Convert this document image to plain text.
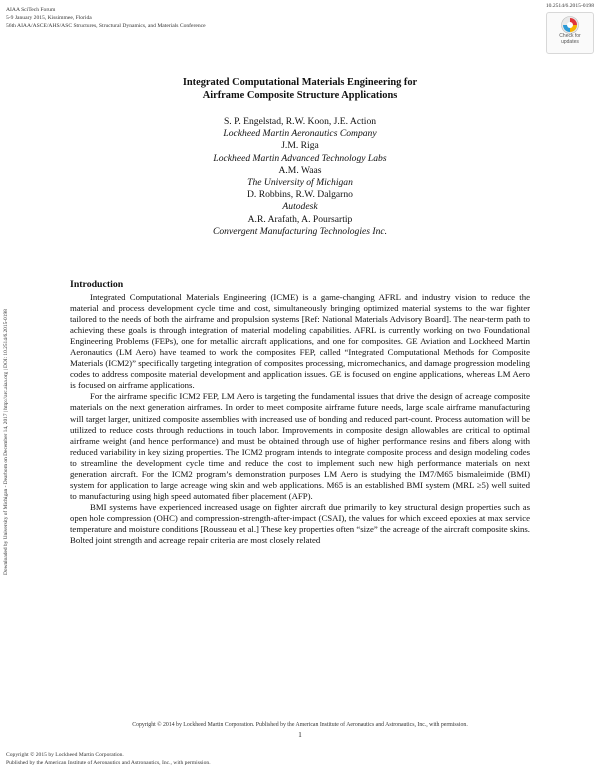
AIAA SciTech Forum
5-9 January 2015, Kissimmee, Florida
56th AIAA/ASCE/AHS/ASC Structures, Structural Dynamics, and Materials Conference
10.2514/6.2015-0198
Check for
updates
Downloaded by University of Michigan - Dearborn on December 14, 2017 | http://arc.aiaa.org | DOI: 10.2514/6.2015-0198
Integrated Computational Materials Engineering for
Airframe Composite Structure Applications
S. P. Engelstad, R.W. Koon, J.E. Action
Lockheed Martin Aeronautics Company
J.M. Riga
Lockheed Martin Advanced Technology Labs
A.M. Waas
The University of Michigan
D. Robbins, R.W. Dalgarno
Autodesk
A.R. Arafath, A. Poursartip
Convergent Manufacturing Technologies Inc.
Introduction

Integrated Computational Materials Engineering (ICME) is a game-changing AFRL and industry vision to reduce the material and process development cycle time and cost, simultaneously bringing optimized material systems to the war fighter tailored to the needs of both the airframe and propulsion systems [Ref: National Materials Advisory Board]. The near-term path to achieving these goals is through integration of material modeling capabilities. AFRL is currently working on two Foundational Engineering Problems (FEPs), one for metallic aircraft applications, and one for composites. GE Aviation and Lockheed Martin Aeronautics (LM Aero) have teamed to work the composites FEP, called “Integrated Computational Methods for Composite Materials (ICM2)” specifically targeting integration of composites processing, micromechanics, and damage progression modeling codes to address composite material development and application issues. GE is focused on engine applications, whereas LM Aero is focused on airframe applications.

For the airframe specific ICM2 FEP, LM Aero is targeting the fundamental issues that drive the design of acreage composite materials on the next generation airframes. In order to meet composite airframe future needs, large scale airframe manufacturing will target larger, unitized composite assemblies with increased use of bonding and reduced part-count. Process automation will be utilized to reduce costs through reductions in touch labor. Improvements in composite design allowables are critical to optimal airframe weight (and hence performance) and must be obtained through use of higher performance resins and fibers along with reduced variability in key sizing properties. The ICM2 program intends to integrate composite process and design modeling codes to streamline the development cycle time and reduce the cost to implement such new high performance materials on next generation aircraft. For the ICM2 program’s demonstration purposes LM Aero is studying the IM7/M65 bismaleimide (BMI) system for application to large acreage wing skin and web applications. M65 is an established BMI system (MRL ≥5) well suited to manufacturing using high speed automated fiber placement (AFP).

BMI systems have experienced increased usage on fighter aircraft due primarily to key structural design properties such as open hole compression (OHC) and compression-strength-after-impact (CSAI), the values for which exceed epoxies at max service temperature and moisture conditions [Rousseau et al.] These key properties often “size” the acreage of the aircraft composite skins. Bolted joint strength and acreage repair criteria are most closely related

Copyright © 2014 by Lockheed Martin Corporation. Published by the American Institute of Aeronautics and Astronautics, Inc., with permission.
1
Copyright © 2015 by Lockheed Martin Corporation.
Published by the American Institute of Aeronautics and Astronautics, Inc., with permission.
